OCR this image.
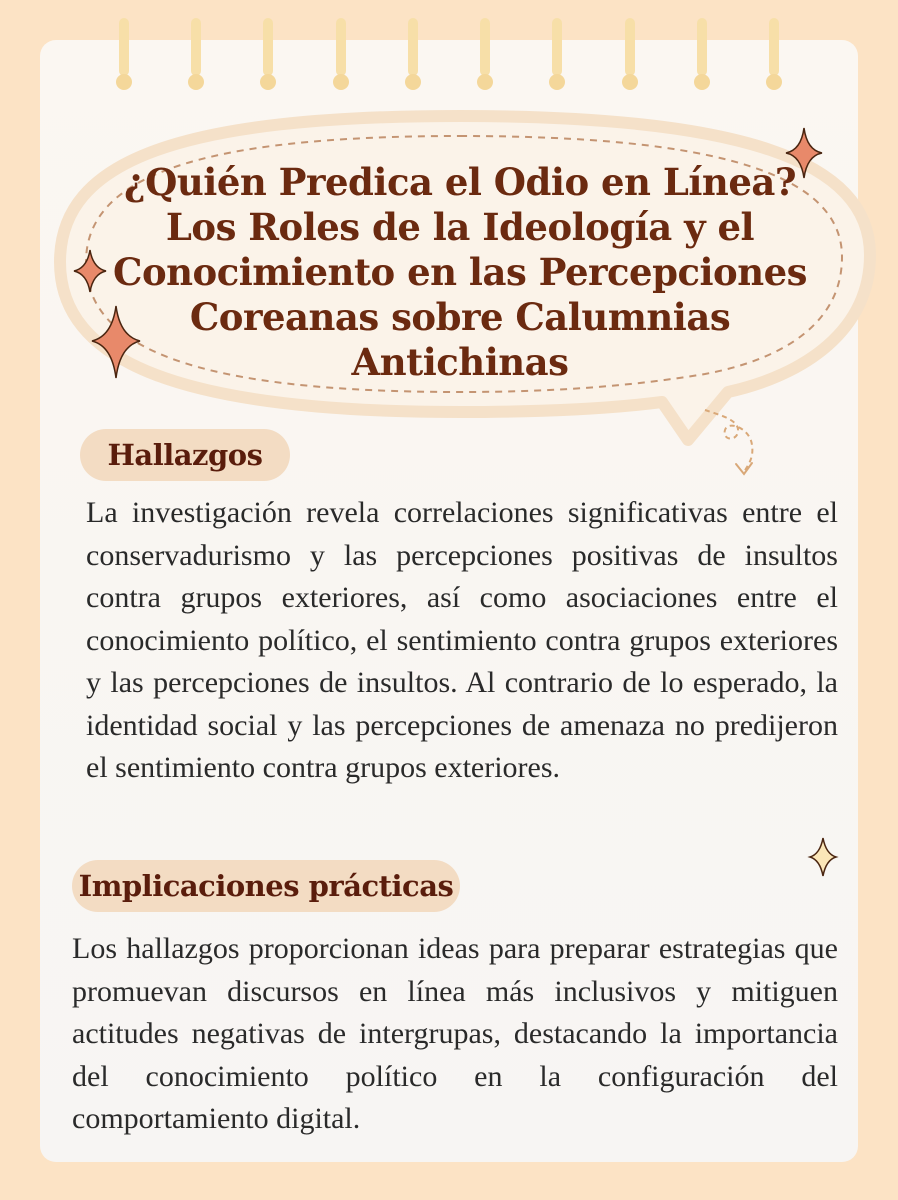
¿Quién Predica el Odio en Línea? Los Roles de la Ideología y el Conocimiento en las Percepciones Coreanas sobre Calumnias Antichinas
Hallazgos
La investigación revela correlaciones significativas entre el conservadurismo y las percepciones positivas de insultos contra grupos exteriores, así como asociaciones entre el conocimiento político, el sentimiento contra grupos exteriores y las percepciones de insultos. Al contrario de lo esperado, la identidad social y las percepciones de amenaza no predijeron el sentimiento contra grupos exteriores.
Implicaciones prácticas
Los hallazgos proporcionan ideas para preparar estrategias que promuevan discursos en línea más inclusivos y mitiguen actitudes negativas de intergrupas, destacando la importancia del conocimiento político en la configuración del comportamiento digital.
